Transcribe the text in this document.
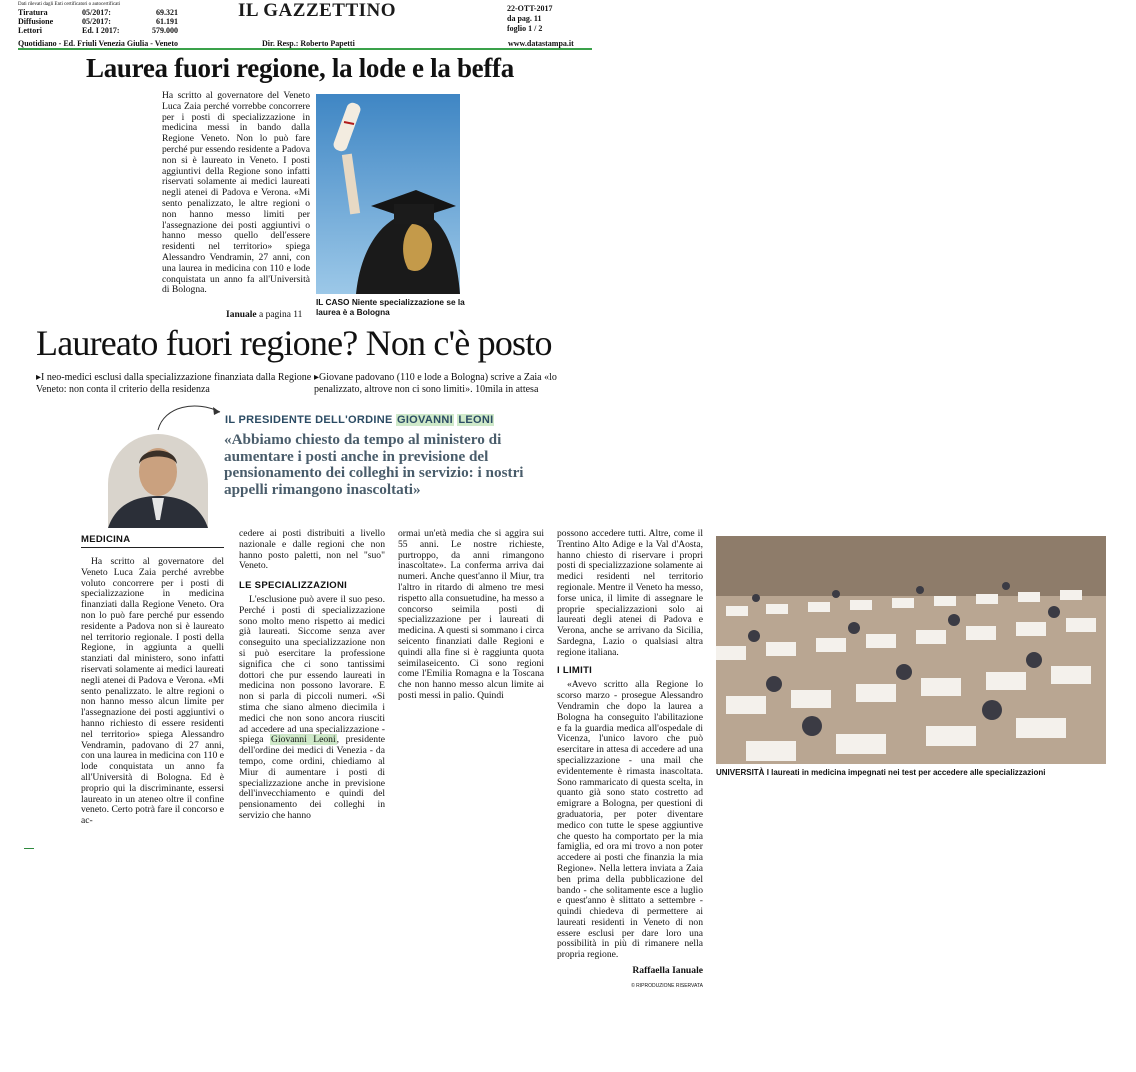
Dati rilevati dagli Enti certificatori o autocertificati
Tiratura	05/2017:	69.321
Diffusione	05/2017:	61.191
Lettori	Ed. I 2017:	579.000
IL GAZZETTINO	22-OTT-2017
da pag. 11
foglio 1 / 2
Quotidiano - Ed. Friuli Venezia Giulia - Veneto	Dir. Resp.: Roberto Papetti	www.datastampa.it
Laurea fuori regione, la lode e la beffa
Ha scritto al governatore del Veneto Luca Zaia perché vorrebbe concorrere per i posti di specializzazione in medicina messi in bando dalla Regione Veneto. Non lo può fare perché pur essendo residente a Padova non si è laureato in Veneto. I posti aggiuntivi della Regione sono infatti riservati solamente ai medici laureati negli atenei di Padova e Verona. «Mi sento penalizzato, le altre regioni o non hanno messo limiti per l'assegnazione dei posti aggiuntivi o hanno messo quello dell'essere residenti nel territorio» spiega Alessandro Vendramin, 27 anni, con una laurea in medicina con 110 e lode conquistata un anno fa all'Università di Bologna.
IL CASO Niente specializzazione se la laurea è a Bologna
Ianuale a pagina 11
Laureato fuori regione? Non c'è posto
▸I neo-medici esclusi dalla specializzazione finanziata dalla Regione Veneto: non conta il criterio della residenza
▸Giovane padovano (110 e lode a Bologna) scrive a Zaia «lo penalizzato, altrove non ci sono limiti». 10mila in attesa
IL PRESIDENTE DELL'ORDINE GIOVANNI LEONI
«Abbiamo chiesto da tempo al ministero di aumentare i posti anche in previsione del pensionamento dei colleghi in servizio: i nostri appelli rimangono inascoltati»
MEDICINA

Ha scritto al governatore del Veneto Luca Zaia perché avrebbe voluto concorrere per i posti di specializzazione in medicina finanziati dalla Regione Veneto. Ora non lo può fare perché pur essendo residente a Padova non si è laureato nel territorio regionale. I posti della Regione, in aggiunta a quelli stanziati dal ministero, sono infatti riservati solamente ai medici laureati negli atenei di Padova e Verona. «Mi sento penalizzato. le altre regioni o non hanno messo alcun limite per l'assegnazione dei posti aggiuntivi o hanno richiesto di essere residenti nel territorio» spiega Alessandro Vendramin, padovano di 27 anni, con una laurea in medicina con 110 e lode conquistata un anno fa all'Università di Bologna. Ed è proprio qui la discriminante, essersi laureato in un ateneo oltre il confine veneto. Certo potrà fare il concorso e ac-

cedere ai posti distribuiti a livello nazionale e dalle regioni che non hanno posto paletti, non nel "suo" Veneto.
LE SPECIALIZZAZIONI

L'esclusione può avere il suo peso. Perché i posti di specializzazione sono molto meno rispetto ai medici già laureati. Siccome senza aver conseguito una specializzazione non si può esercitare la professione significa che ci sono tantissimi dottori che pur essendo laureati in medicina non possono lavorare. E non si parla di piccoli numeri. «Si stima che siano almeno diecimila i medici che non sono ancora riusciti ad accedere ad una specializzazione - spiega Giovanni Leoni, presidente dell'ordine dei medici di Venezia - da tempo, come ordini, chiediamo al Miur di aumentare i posti di specializzazione anche in previsione dell'invecchiamento e quindi del pensionamento dei colleghi in servizio che hanno

ormai un'età media che si aggira sui 55 anni. Le nostre richieste, purtroppo, da anni rimangono inascoltate». La conferma arriva dai numeri. Anche quest'anno il Miur, tra l'altro in ritardo di almeno tre mesi rispetto alla consuetudine, ha messo a concorso seimila posti di specializzazione per i laureati di medicina. A questi si sommano i circa seicento finanziati dalle Regioni e quindi alla fine si è raggiunta quota seimilaseicento. Ci sono regioni come l'Emilia Romagna e la Toscana che non hanno messo alcun limite ai posti messi in palio. Quindi
possono accedere tutti. Altre, come il Trentino Alto Adige e la Val d'Aosta, hanno chiesto di riservare i propri posti di specializzazione solamente ai medici residenti nel territorio regionale. Mentre il Veneto ha messo, forse unica, il limite di assegnare le proprie specializzazioni solo ai laureati degli atenei di Padova e Verona, anche se arrivano da Sicilia, Sardegna, Lazio o qualsiasi altra regione italiana.
I LIMITI

«Avevo scritto alla Regione lo scorso marzo - prosegue Alessandro Vendramin che dopo la laurea a Bologna ha conseguito l'abilitazione e fa la guardia medica all'ospedale di Vicenza, l'unico lavoro che può esercitare in attesa di accedere ad una specializzazione - una mail che evidentemente è rimasta inascoltata. Sono rammaricato di questa scelta, in quanto già sono stato costretto ad emigrare a Bologna, per questioni di graduatoria, per poter diventare medico con tutte le spese aggiuntive che questo ha comportato per la mia famiglia, ed ora mi trovo a non poter accedere ai posti che finanzia la mia Regione». Nella lettera inviata a Zaia ben prima della pubblicazione del bando - che solitamente esce a luglio e quest'anno è slittato a settembre - quindi chiedeva di permettere ai laureati residenti in Veneto di non essere esclusi per dare loro una possibilità in più di rimanere nella propria regione.

Raffaella Ianuale
© RIPRODUZIONE RISERVATA
UNIVERSITÀ I laureati in medicina impegnati nei test per accedere alle specializzazioni
